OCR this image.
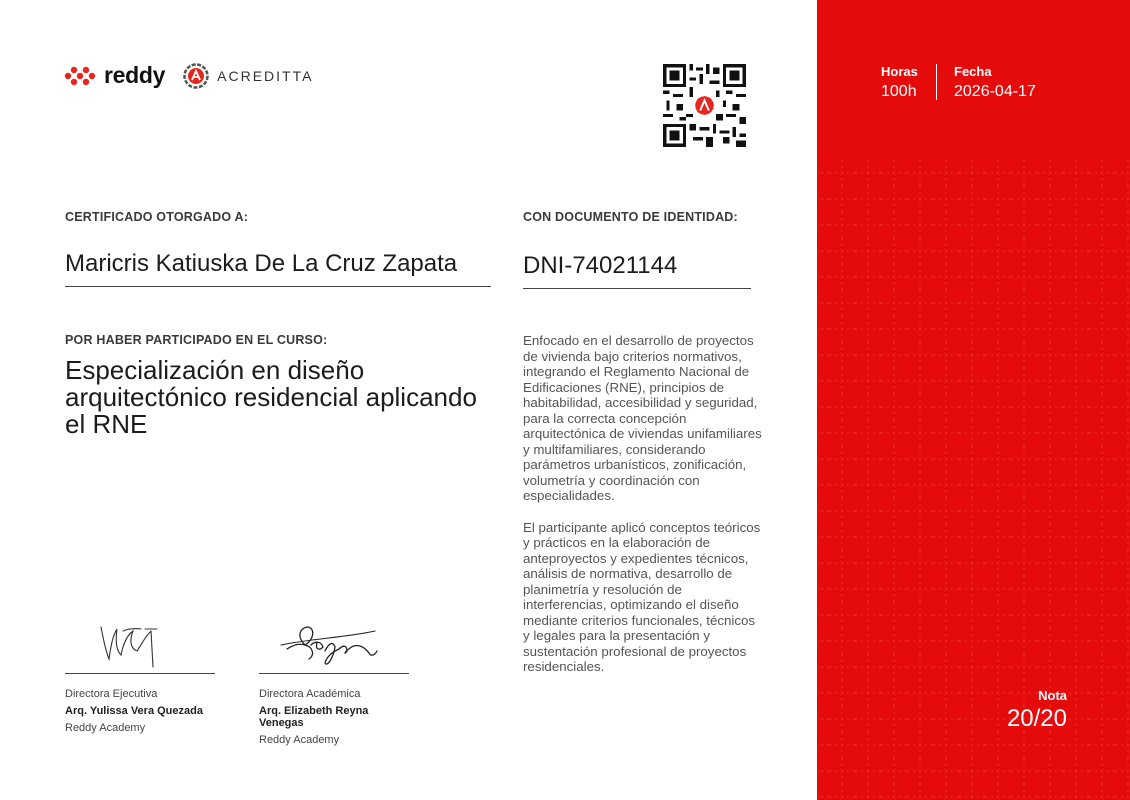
reddy	ACREDITTA
CERTIFICADO OTORGADO A:	CON DOCUMENTO DE IDENTIDAD:
Maricris Katiuska De La Cruz Zapata	DNI-74021144
POR HABER PARTICIPADO EN EL CURSO:
Especialización en diseño arquitectónico residencial aplicando el RNE

Enfocado en el desarrollo de proyectos de vivienda bajo criterios normativos, integrando el Reglamento Nacional de Edificaciones (RNE), principios de habitabilidad, accesibilidad y seguridad, para la correcta concepción arquitectónica de viviendas unifamiliares y multifamiliares, considerando parámetros urbanísticos, zonificación, volumetría y coordinación con especialidades.

El participante aplicó conceptos teóricos y prácticos en la elaboración de anteproyectos y expedientes técnicos, análisis de normativa, desarrollo de planimetría y resolución de interferencias, optimizando el diseño mediante criterios funcionales, técnicos y legales para la presentación y sustentación profesional de proyectos residenciales.

Directora Ejecutiva
Arq. Yulissa Vera Quezada
Reddy Academy
Directora Académica
Arq. Elizabeth Reyna Venegas
Reddy Academy
Horas
100h
Fecha
2026-04-17
Nota
20/20
